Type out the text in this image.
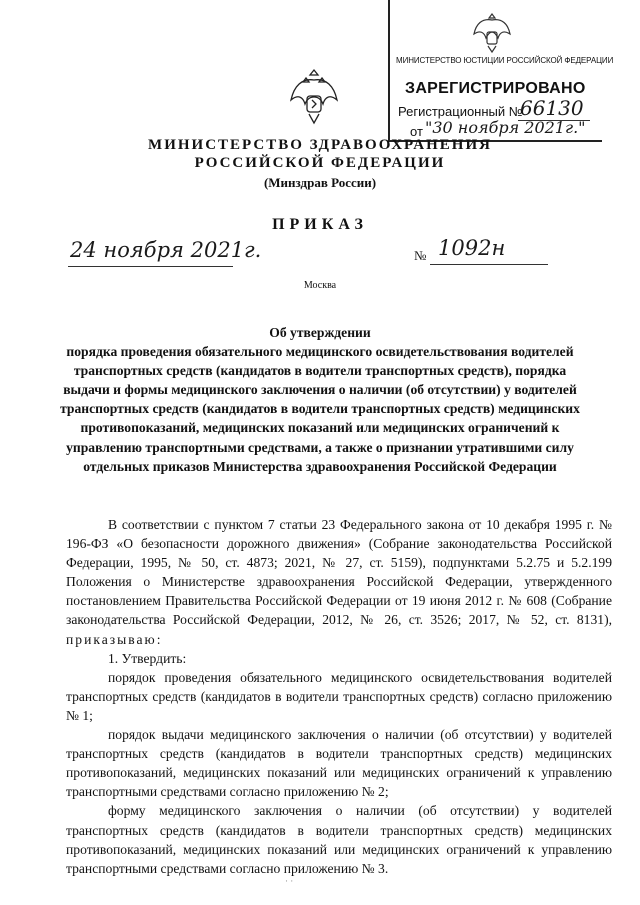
МИНИСТЕРСТВО ЮСТИЦИИ РОССИЙСКОЙ ФЕДЕРАЦИИ
ЗАРЕГИСТРИРОВАНО
Регистрационный №
66130
от "30 ноября 2021г."
МИНИСТЕРСТВО ЗДРАВООХРАНЕНИЯ
РОССИЙСКОЙ ФЕДЕРАЦИИ
(Минздрав России)
ПРИКАЗ
24 ноября 2021г.	№ 1092н
Москва
Об утверждении
порядка проведения обязательного медицинского освидетельствования водителей транспортных средств (кандидатов в водители транспортных средств), порядка выдачи и формы медицинского заключения о наличии (об отсутствии) у водителей транспортных средств (кандидатов в водители транспортных средств) медицинских противопоказаний, медицинских показаний или медицинских ограничений к управлению транспортными средствами, а также о признании утратившими силу отдельных приказов Министерства здравоохранения Российской Федерации

В соответствии с пунктом 7 статьи 23 Федерального закона от 10 декабря 1995 г. № 196-ФЗ «О безопасности дорожного движения» (Собрание законодательства Российской Федерации, 1995, № 50, ст. 4873; 2021, № 27, ст. 5159), подпунктами 5.2.75 и 5.2.199 Положения о Министерстве здравоохранения Российской Федерации, утвержденного постановлением Правительства Российской Федерации от 19 июня 2012 г. № 608 (Собрание законодательства Российской Федерации, 2012, № 26, ст. 3526; 2017, № 52, ст. 8131), приказываю:

1. Утвердить:

порядок проведения обязательного медицинского освидетельствования водителей транспортных средств (кандидатов в водители транспортных средств) согласно приложению № 1;

порядок выдачи медицинского заключения о наличии (об отсутствии) у водителей транспортных средств (кандидатов в водители транспортных средств) медицинских противопоказаний, медицинских показаний или медицинских ограничений к управлению транспортными средствами согласно приложению № 2;

форму медицинского заключения о наличии (об отсутствии) у водителей транспортных средств (кандидатов в водители транспортных средств) медицинских противопоказаний, медицинских показаний или медицинских ограничений к управлению транспортными средствами согласно приложению № 3.

· ·
